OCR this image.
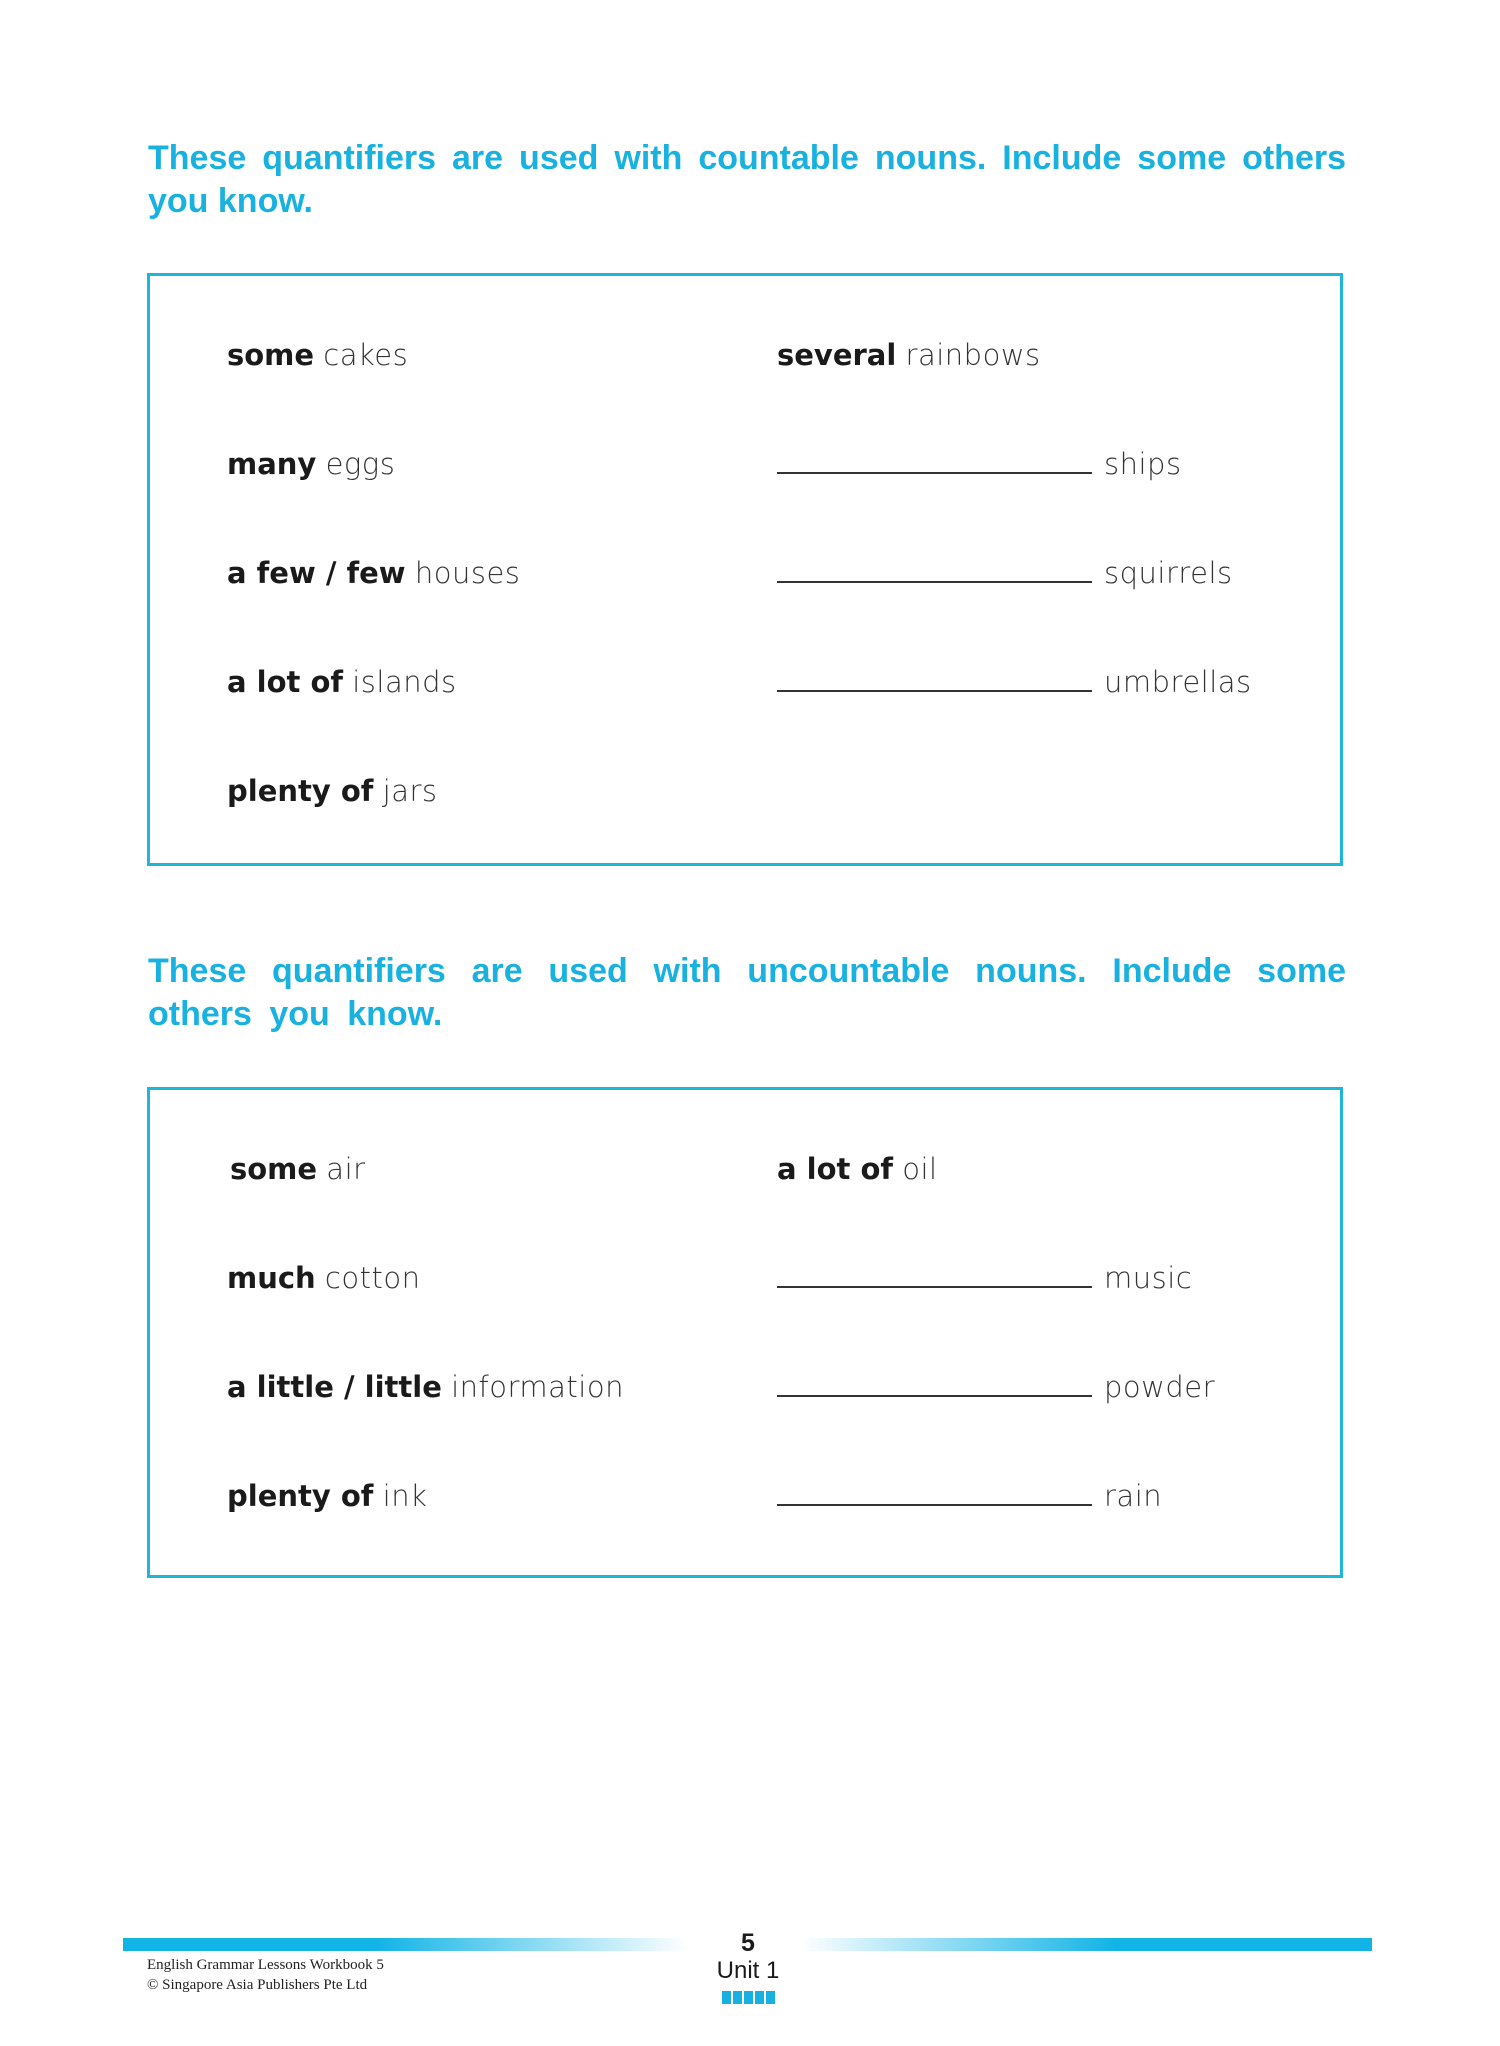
These quantifiers are used with countable nouns. Include some others you know.

some cakes	several rainbows
many eggs	ships
a few / few houses	squirrels
a lot of islands	umbrellas
plenty of jars

These quantifiers are used with uncountable nouns. Include some others you know.

some air	a lot of oil
much cotton	music
a little / little information	powder
plenty of ink	rain
5
Unit 1
English Grammar Lessons Workbook 5
© Singapore Asia Publishers Pte Ltd
